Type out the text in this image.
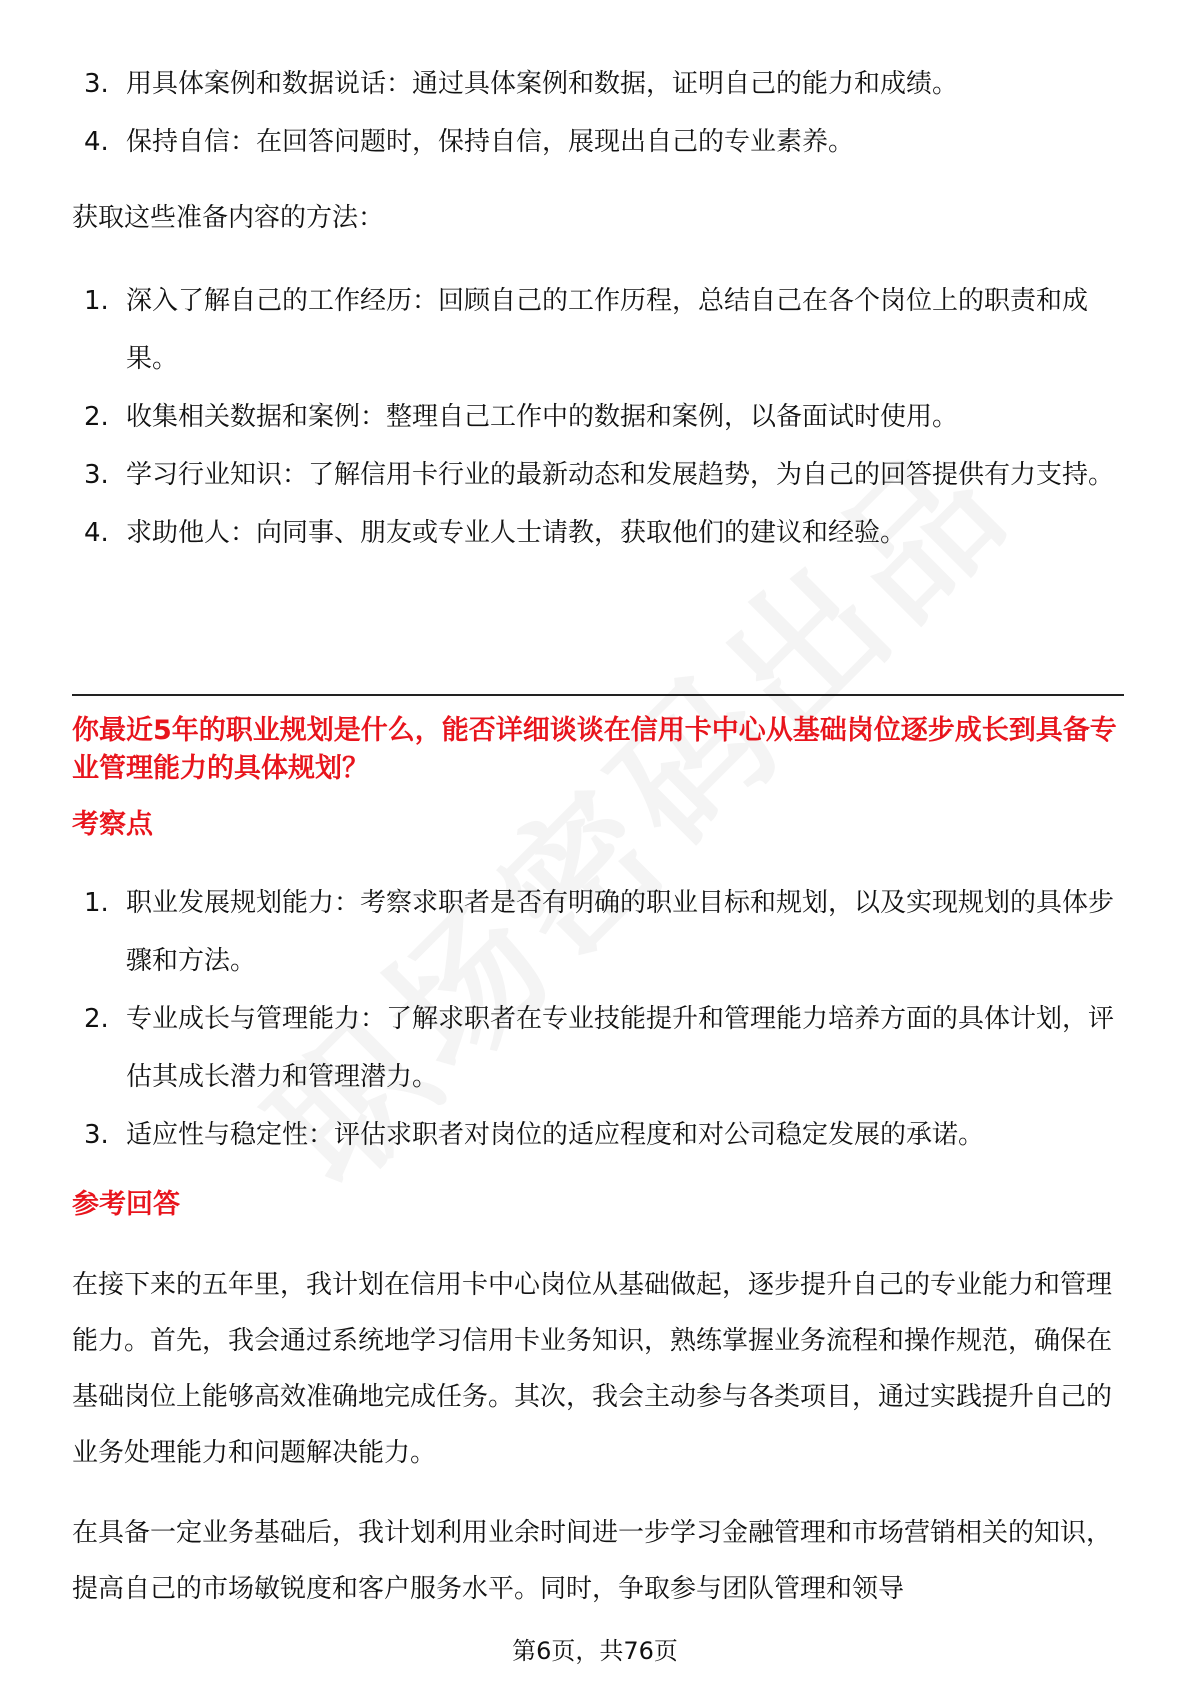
3. 用具体案例和数据说话：通过具体案例和数据，证明自己的能力和成绩。
4. 保持自信：在回答问题时，保持自信，展现出自己的专业素养。
获取这些准备内容的方法：
1. 深入了解自己的工作经历：回顾自己的工作历程，总结自己在各个岗位上的职责和成果。
2. 收集相关数据和案例：整理自己工作中的数据和案例，以备面试时使用。
3. 学习行业知识：了解信用卡行业的最新动态和发展趋势，为自己的回答提供有力支持。
4. 求助他人：向同事、朋友或专业人士请教，获取他们的建议和经验。
你最近5年的职业规划是什么，能否详细谈谈在信用卡中心从基础岗位逐步成长到具备专业管理能力的具体规划？
考察点
1. 职业发展规划能力：考察求职者是否有明确的职业目标和规划，以及实现规划的具体步骤和方法。
2. 专业成长与管理能力：了解求职者在专业技能提升和管理能力培养方面的具体计划，评估其成长潜力和管理潜力。
3. 适应性与稳定性：评估求职者对岗位的适应程度和对公司稳定发展的承诺。
参考回答
在接下来的五年里，我计划在信用卡中心岗位从基础做起，逐步提升自己的专业能力和管理能力。首先，我会通过系统地学习信用卡业务知识，熟练掌握业务流程和操作规范，确保在基础岗位上能够高效准确地完成任务。其次，我会主动参与各类项目，通过实践提升自己的业务处理能力和问题解决能力。
在具备一定业务基础后，我计划利用业余时间进一步学习金融管理和市场营销相关的知识，提高自己的市场敏锐度和客户服务水平。同时，争取参与团队管理和领导
第6页，共76页
